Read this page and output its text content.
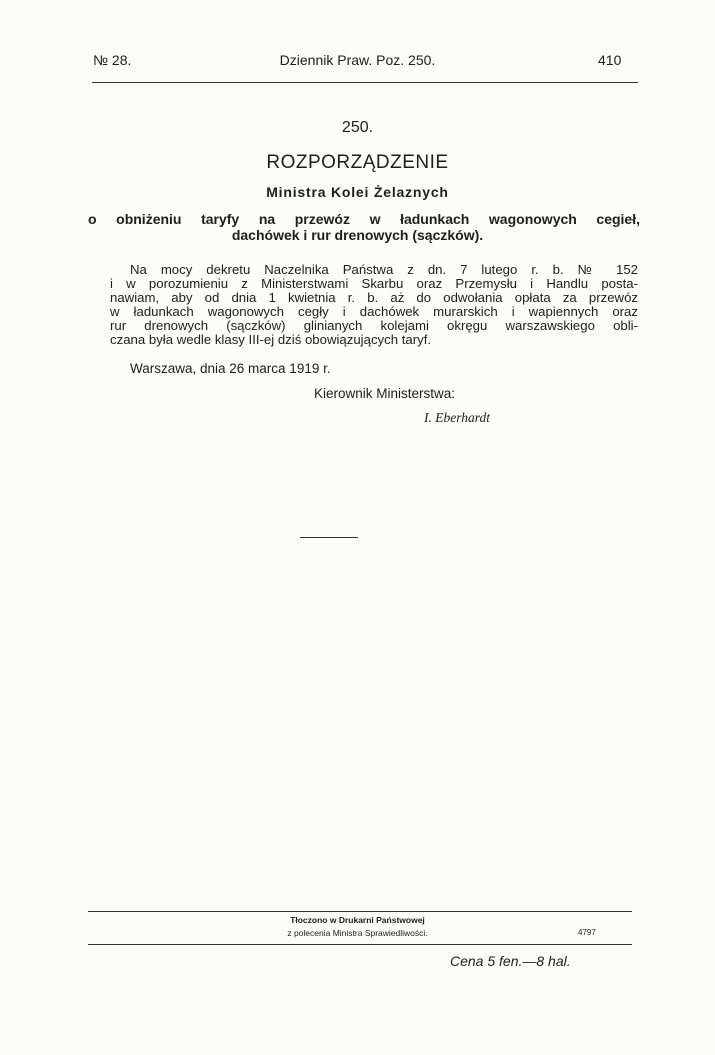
№ 28.	Dziennik Praw. Poz. 250.	410
250.
ROZPORZĄDZENIE
Ministra Kolei Żelaznych
o obniżeniu taryfy na przewóz w ładunkach wagonowych cegieł,
dachówek i rur drenowych (sączków).
Na mocy dekretu Naczelnika Państwa z dn. 7 lutego r. b. № 152
i w porozumieniu z Ministerstwami Skarbu oraz Przemysłu i Handlu posta-
nawiam, aby od dnia 1 kwietnia r. b. aż do odwołania opłata za przewóz
w ładunkach wagonowych cegły i dachówek murarskich i wapiennych oraz
rur drenowych (sączków) glinianych kolejami okręgu warszawskiego obli-
czana była wedle klasy III-ej dziś obowiązujących taryf.
Warszawa, dnia 26 marca 1919 r.
Kierownik Ministerstwa:
I. Eberhardt
Tłoczono w Drukarni Państwowej
z polecenia Ministra Sprawiedliwości.	4797
Cena 5 fen.—8 hal.
